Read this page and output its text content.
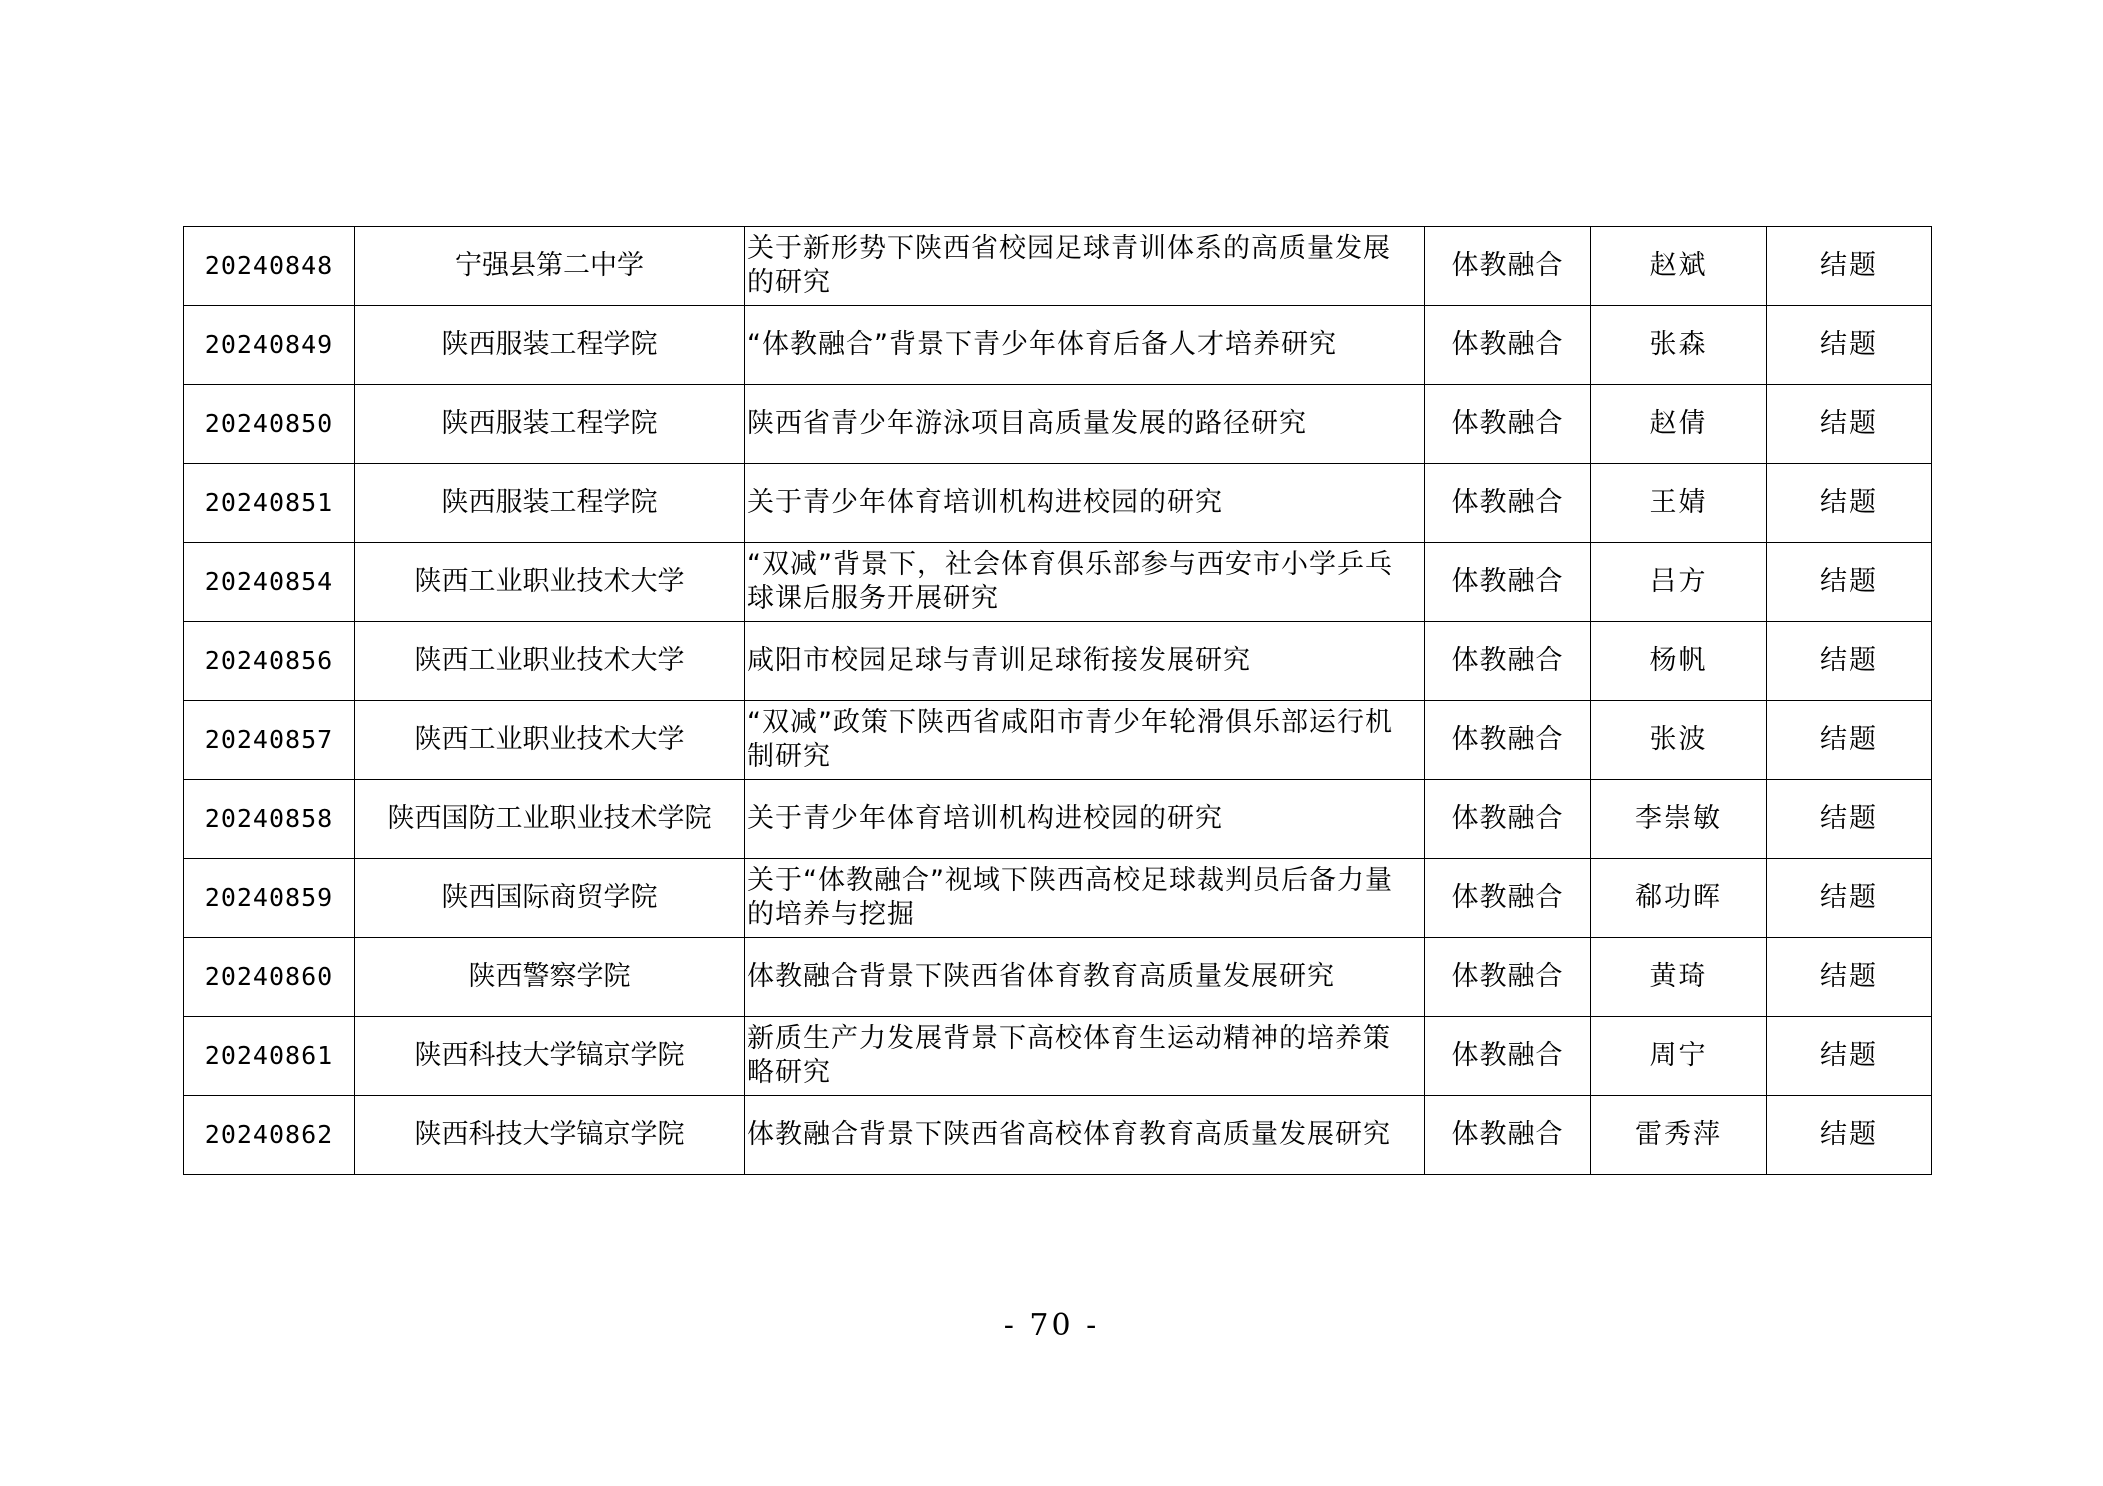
20240848	宁强县第二中学	关于新形势下陕西省校园足球青训体系的高质量发展的研究	体教融合	赵斌	结题
20240849	陕西服装工程学院	“体教融合”背景下青少年体育后备人才培养研究	体教融合	张森	结题
20240850	陕西服装工程学院	陕西省青少年游泳项目高质量发展的路径研究	体教融合	赵倩	结题
20240851	陕西服装工程学院	关于青少年体育培训机构进校园的研究	体教融合	王婧	结题
20240854	陕西工业职业技术大学	“双减”背景下，社会体育俱乐部参与西安市小学乒乓球课后服务开展研究	体教融合	吕方	结题
20240856	陕西工业职业技术大学	咸阳市校园足球与青训足球衔接发展研究	体教融合	杨帆	结题
20240857	陕西工业职业技术大学	“双减”政策下陕西省咸阳市青少年轮滑俱乐部运行机制研究	体教融合	张波	结题
20240858	陕西国防工业职业技术学院	关于青少年体育培训机构进校园的研究	体教融合	李崇敏	结题
20240859	陕西国际商贸学院	关于“体教融合”视域下陕西高校足球裁判员后备力量的培养与挖掘	体教融合	郗功晖	结题
20240860	陕西警察学院	体教融合背景下陕西省体育教育高质量发展研究	体教融合	黄琦	结题
20240861	陕西科技大学镐京学院	新质生产力发展背景下高校体育生运动精神的培养策略研究	体教融合	周宁	结题
20240862	陕西科技大学镐京学院	体教融合背景下陕西省高校体育教育高质量发展研究	体教融合	雷秀萍	结题
- 70 -
